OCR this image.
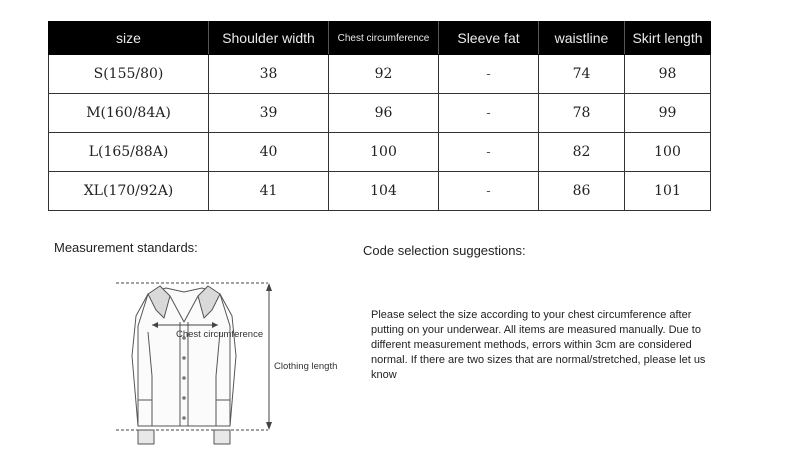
size	Shoulder width	Chest circumference	Sleeve fat	waistline	Skirt length
S(155/80)	38	92	-	74	98
M(160/84A)	39	96	-	78	99
L(165/88A)	40	100	-	82	100
XL(170/92A)	41	104	-	86	101
Measurement standards:	Code selection suggestions:
Chest circumference
Clothing length
Please select the size according to your chest circumference after putting on your underwear. All items are measured manually. Due to different measurement methods, errors within 3cm are considered normal. If there are two sizes that are normal/stretched, please let us know
